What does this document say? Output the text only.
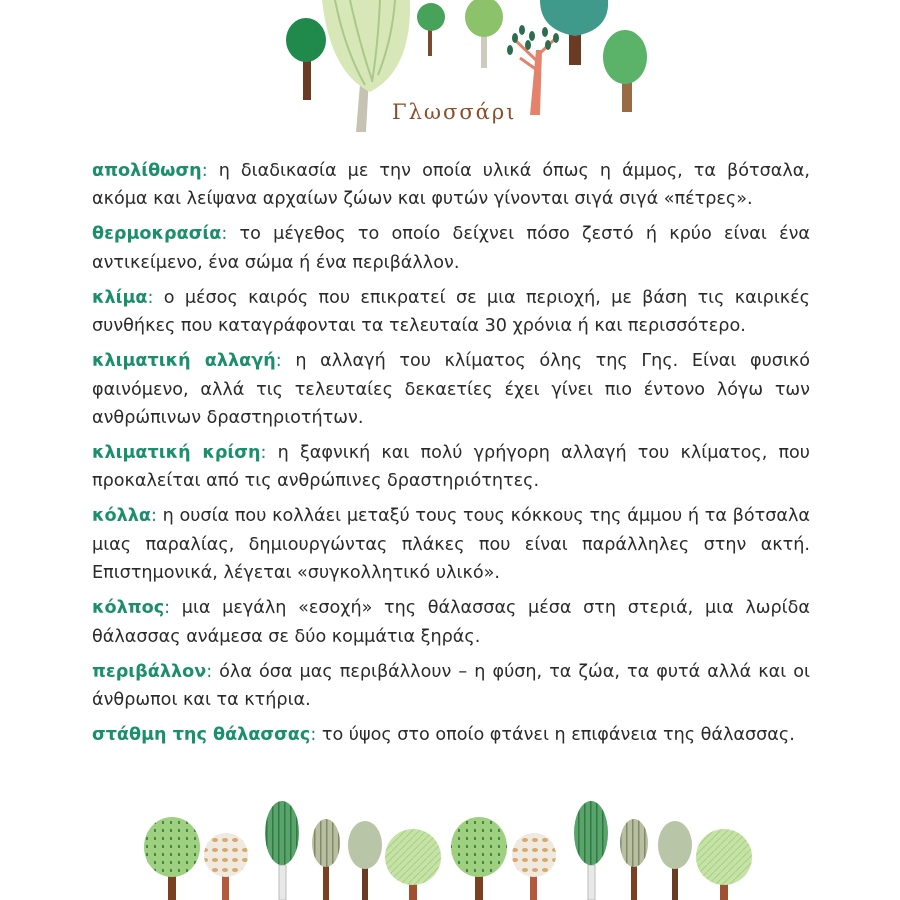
Γλωσσάρι

απολίθωση: η διαδικασία με την οποία υλικά όπως η άμμος, τα βότσαλα, ακόμα και λείψανα αρχαίων ζώων και φυτών γίνονται σιγά σιγά «πέτρες».

θερμοκρασία: το μέγεθος το οποίο δείχνει πόσο ζεστό ή κρύο είναι ένα αντικείμενο, ένα σώμα ή ένα περιβάλλον.

κλίμα: ο μέσος καιρός που επικρατεί σε μια περιοχή, με βάση τις καιρικές συνθήκες που καταγράφονται τα τελευταία 30 χρόνια ή και περισσότερο.

κλιματική αλλαγή: η αλλαγή του κλίματος όλης της Γης. Είναι φυσικό φαινόμενο, αλλά τις τελευταίες δεκαετίες έχει γίνει πιο έντονο λόγω των ανθρώπινων δραστηριοτήτων.

κλιματική κρίση: η ξαφνική και πολύ γρήγορη αλλαγή του κλίματος, που προκαλείται από τις ανθρώπινες δραστηριότητες.

κόλλα: η ουσία που κολλάει μεταξύ τους τους κόκκους της άμμου ή τα βότσαλα μιας παραλίας, δημιουργώντας πλάκες που είναι παράλληλες στην ακτή. Επιστημονικά, λέγεται «συγκολλητικό υλικό».

κόλπος: μια μεγάλη «εσοχή» της θάλασσας μέσα στη στεριά, μια λωρίδα θάλασσας ανάμεσα σε δύο κομμάτια ξηράς.

περιβάλλον: όλα όσα μας περιβάλλουν – η φύση, τα ζώα, τα φυτά αλλά και οι άνθρωποι και τα κτήρια.

στάθμη της θάλασσας: το ύψος στο οποίο φτάνει η επιφάνεια της θάλασσας.
